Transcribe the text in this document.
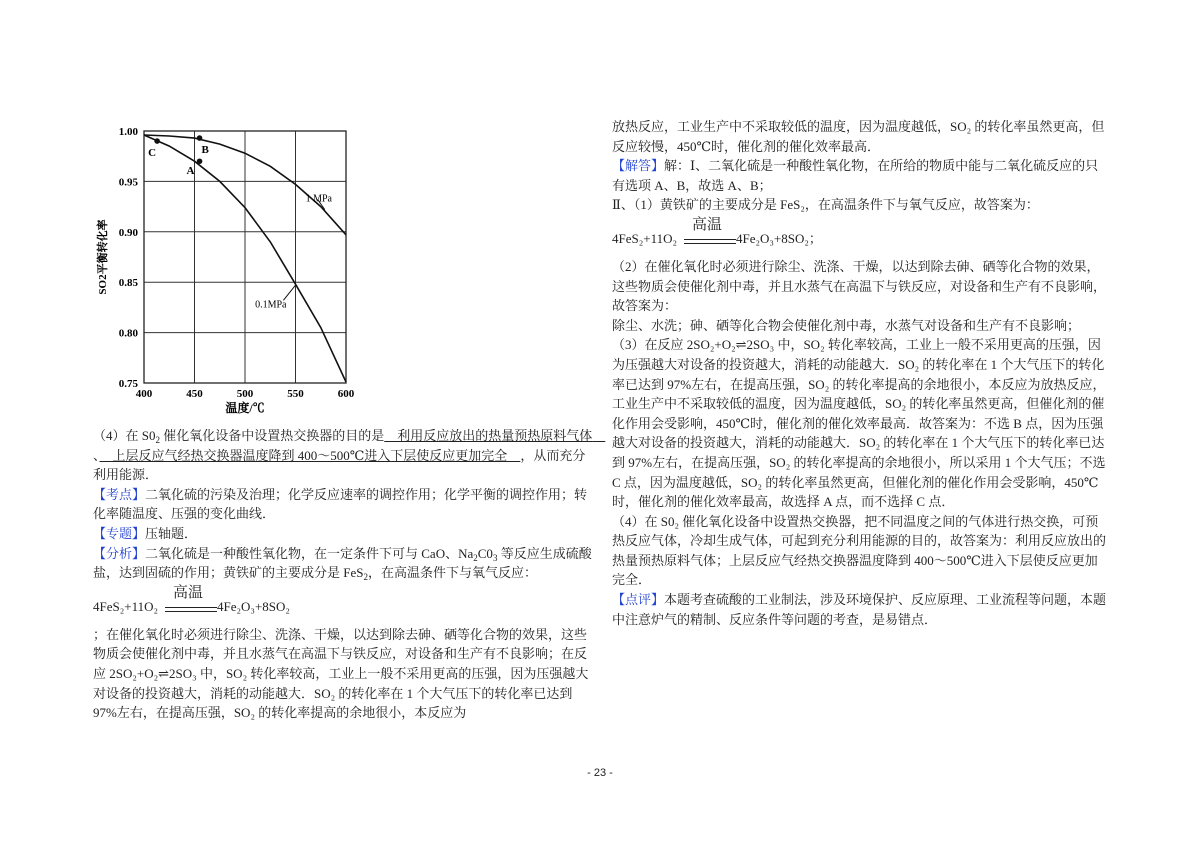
1.00
0.95
0.90
0.85
0.80
0.75
400	450	500	550	600
1 MPa
0.1MPa
A
B
C
温度/℃
SO2平衡转化率

（4）在 $S0_2$ 催化氧化设备中设置热交换器的目的是　利用反应放出的热量预热原料气体　、　上层反应气经热交换器温度降到 400～500℃进入下层使反应更加完全　，从而充分利用能源．

【考点】二氧化硫的污染及治理；化学反应速率的调控作用；化学平衡的调控作用；转化率随温度、压强的变化曲线．

【专题】压轴题．

【分析】二氧化硫是一种酸性氧化物，在一定条件下可与 CaO、$Na_2C0_3$ 等反应生成硫酸盐，达到固硫的作用；黄铁矿的主要成分是 FeS$_2$，在高温条件下与氧气反应：

4FeS₂+11O₂
高温
4Fe₂O₃+8SO₂

；在催化氧化时必须进行除尘、洗涤、干燥，以达到除去砷、硒等化合物的效果，这些物质会使催化剂中毒，并且水蒸气在高温下与铁反应，对设备和生产有不良影响；在反应 2SO₂+O₂⇌2SO₃ 中，SO₂ 转化率较高，工业上一般不采用更高的压强，因为压强越大对设备的投资越大，消耗的动能越大．SO₂ 的转化率在 1 个大气压下的转化率已达到 97%左右，在提高压强，SO₂ 的转化率提高的余地很小，本反应为

放热反应，工业生产中不采取较低的温度，因为温度越低，SO₂ 的转化率虽然更高，但反应较慢，450℃时，催化剂的催化效率最高．

【解答】解：Ⅰ、二氧化硫是一种酸性氧化物，在所给的物质中能与二氧化硫反应的只有选项 A、B，故选 A、B；

Ⅱ、（1）黄铁矿的主要成分是 FeS₂，在高温条件下与氧气反应，故答案为：

4FeS₂+11O₂
高温
4Fe₂O₃+8SO₂；

（2）在催化氧化时必须进行除尘、洗涤、干燥，以达到除去砷、硒等化合物的效果，这些物质会使催化剂中毒，并且水蒸气在高温下与铁反应，对设备和生产有不良影响，故答案为：

除尘、水洗；砷、硒等化合物会使催化剂中毒，水蒸气对设备和生产有不良影响；

（3）在反应 2SO₂+O₂⇌2SO₃ 中，SO₂ 转化率较高，工业上一般不采用更高的压强，因为压强越大对设备的投资越大，消耗的动能越大．SO₂ 的转化率在 1 个大气压下的转化率已达到 97%左右，在提高压强，SO₂ 的转化率提高的余地很小，本反应为放热反应，工业生产中不采取较低的温度，因为温度越低，SO₂ 的转化率虽然更高，但催化剂的催化作用会受影响，450℃时，催化剂的催化效率最高．故答案为：不选 B 点，因为压强越大对设备的投资越大，消耗的动能越大．SO₂ 的转化率在 1 个大气压下的转化率已达到 97%左右，在提高压强，SO₂ 的转化率提高的余地很小，所以采用 1 个大气压；不选 C 点，因为温度越低，SO₂ 的转化率虽然更高，但催化剂的催化作用会受影响，450℃时，催化剂的催化效率最高，故选择 A 点，而不选择 C 点．

（4）在 S0₂ 催化氧化设备中设置热交换器，把不同温度之间的气体进行热交换，可预热反应气体，冷却生成气体，可起到充分利用能源的目的，故答案为：利用反应放出的热量预热原料气体；上层反应气经热交换器温度降到 400～500℃进入下层使反应更加完全．

【点评】本题考查硫酸的工业制法，涉及环境保护、反应原理、工业流程等问题，本题中注意炉气的精制、反应条件等问题的考查，是易错点．

- 23 -
